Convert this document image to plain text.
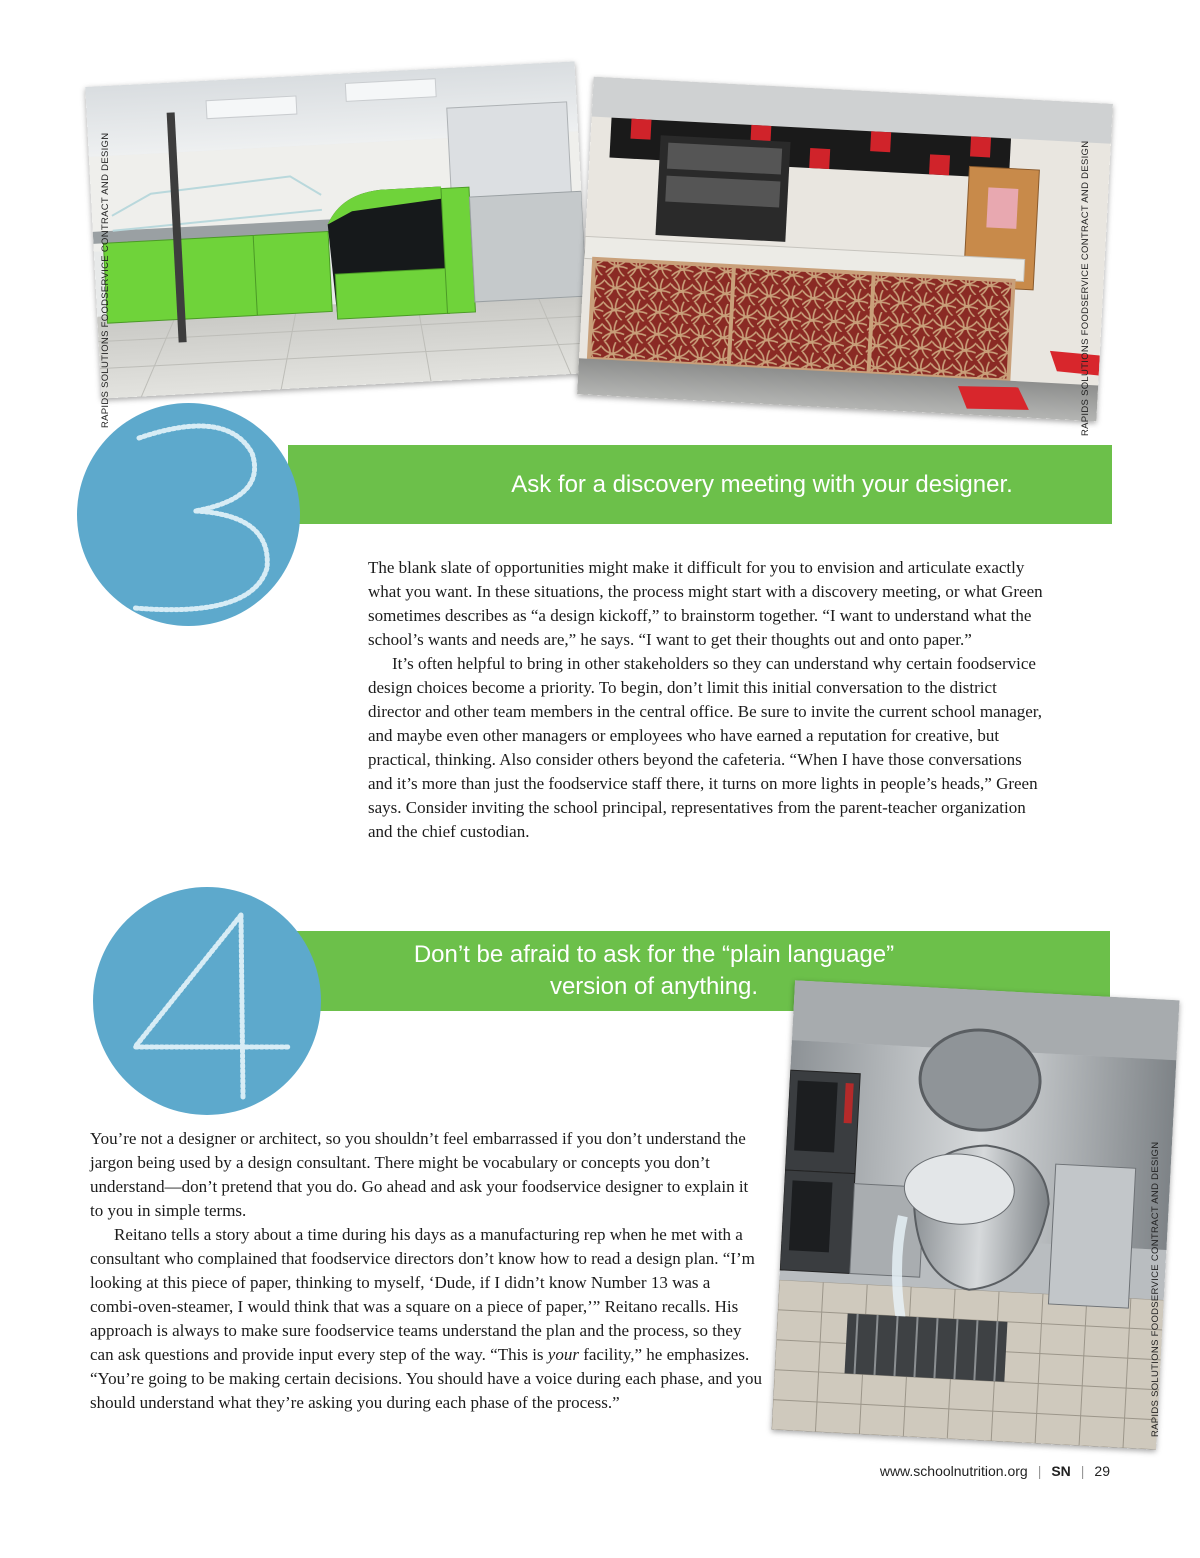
RAPIDS SOLUTIONS FOODSERVICE CONTRACT AND DESIGN	RAPIDS SOLUTIONS FOODSERVICE CONTRACT AND DESIGN
Ask for a discovery meeting with your designer.

The blank slate of opportunities might make it difficult for you to envision and articulate exactly what you want. In these situations, the process might start with a discovery meeting, or what Green sometimes describes as “a design kickoff,” to brainstorm together. “I want to understand what the school’s wants and needs are,” he says. “I want to get their thoughts out and onto paper.”

It’s often helpful to bring in other stakeholders so they can understand why certain foodservice design choices become a priority. To begin, don’t limit this initial conversation to the district director and other team members in the central office. Be sure to invite the current school manager, and maybe even other managers or employees who have earned a reputation for creative, but practical, thinking. Also consider others beyond the cafeteria. “When I have those conversations and it’s more than just the foodservice staff there, it turns on more lights in people’s heads,” Green says. Consider inviting the school principal, representatives from the parent-teacher organization and the chief custodian.

Don’t be afraid to ask for the “plain language”
version of anything.
RAPIDS SOLUTIONS FOODSERVICE CONTRACT AND DESIGN

You’re not a designer or architect, so you shouldn’t feel embarrassed if you don’t understand the jargon being used by a design consultant. There might be vocabulary or concepts you don’t understand—don’t pretend that you do. Go ahead and ask your foodservice designer to explain it to you in simple terms.

Reitano tells a story about a time during his days as a manufacturing rep when he met with a consultant who complained that foodservice directors don’t know how to read a design plan. “I’m looking at this piece of paper, thinking to myself, ‘Dude, if I didn’t know Number 13 was a combi-oven-steamer, I would think that was a square on a piece of paper,’” Reitano recalls. His approach is always to make sure foodservice teams understand the plan and the process, so they can ask questions and provide input every step of the way. “This is your facility,” he emphasizes. “You’re going to be making certain decisions. You should have a voice during each phase, and you should understand what they’re asking you during each phase of the process.”

www.schoolnutrition.org | SN | 29
